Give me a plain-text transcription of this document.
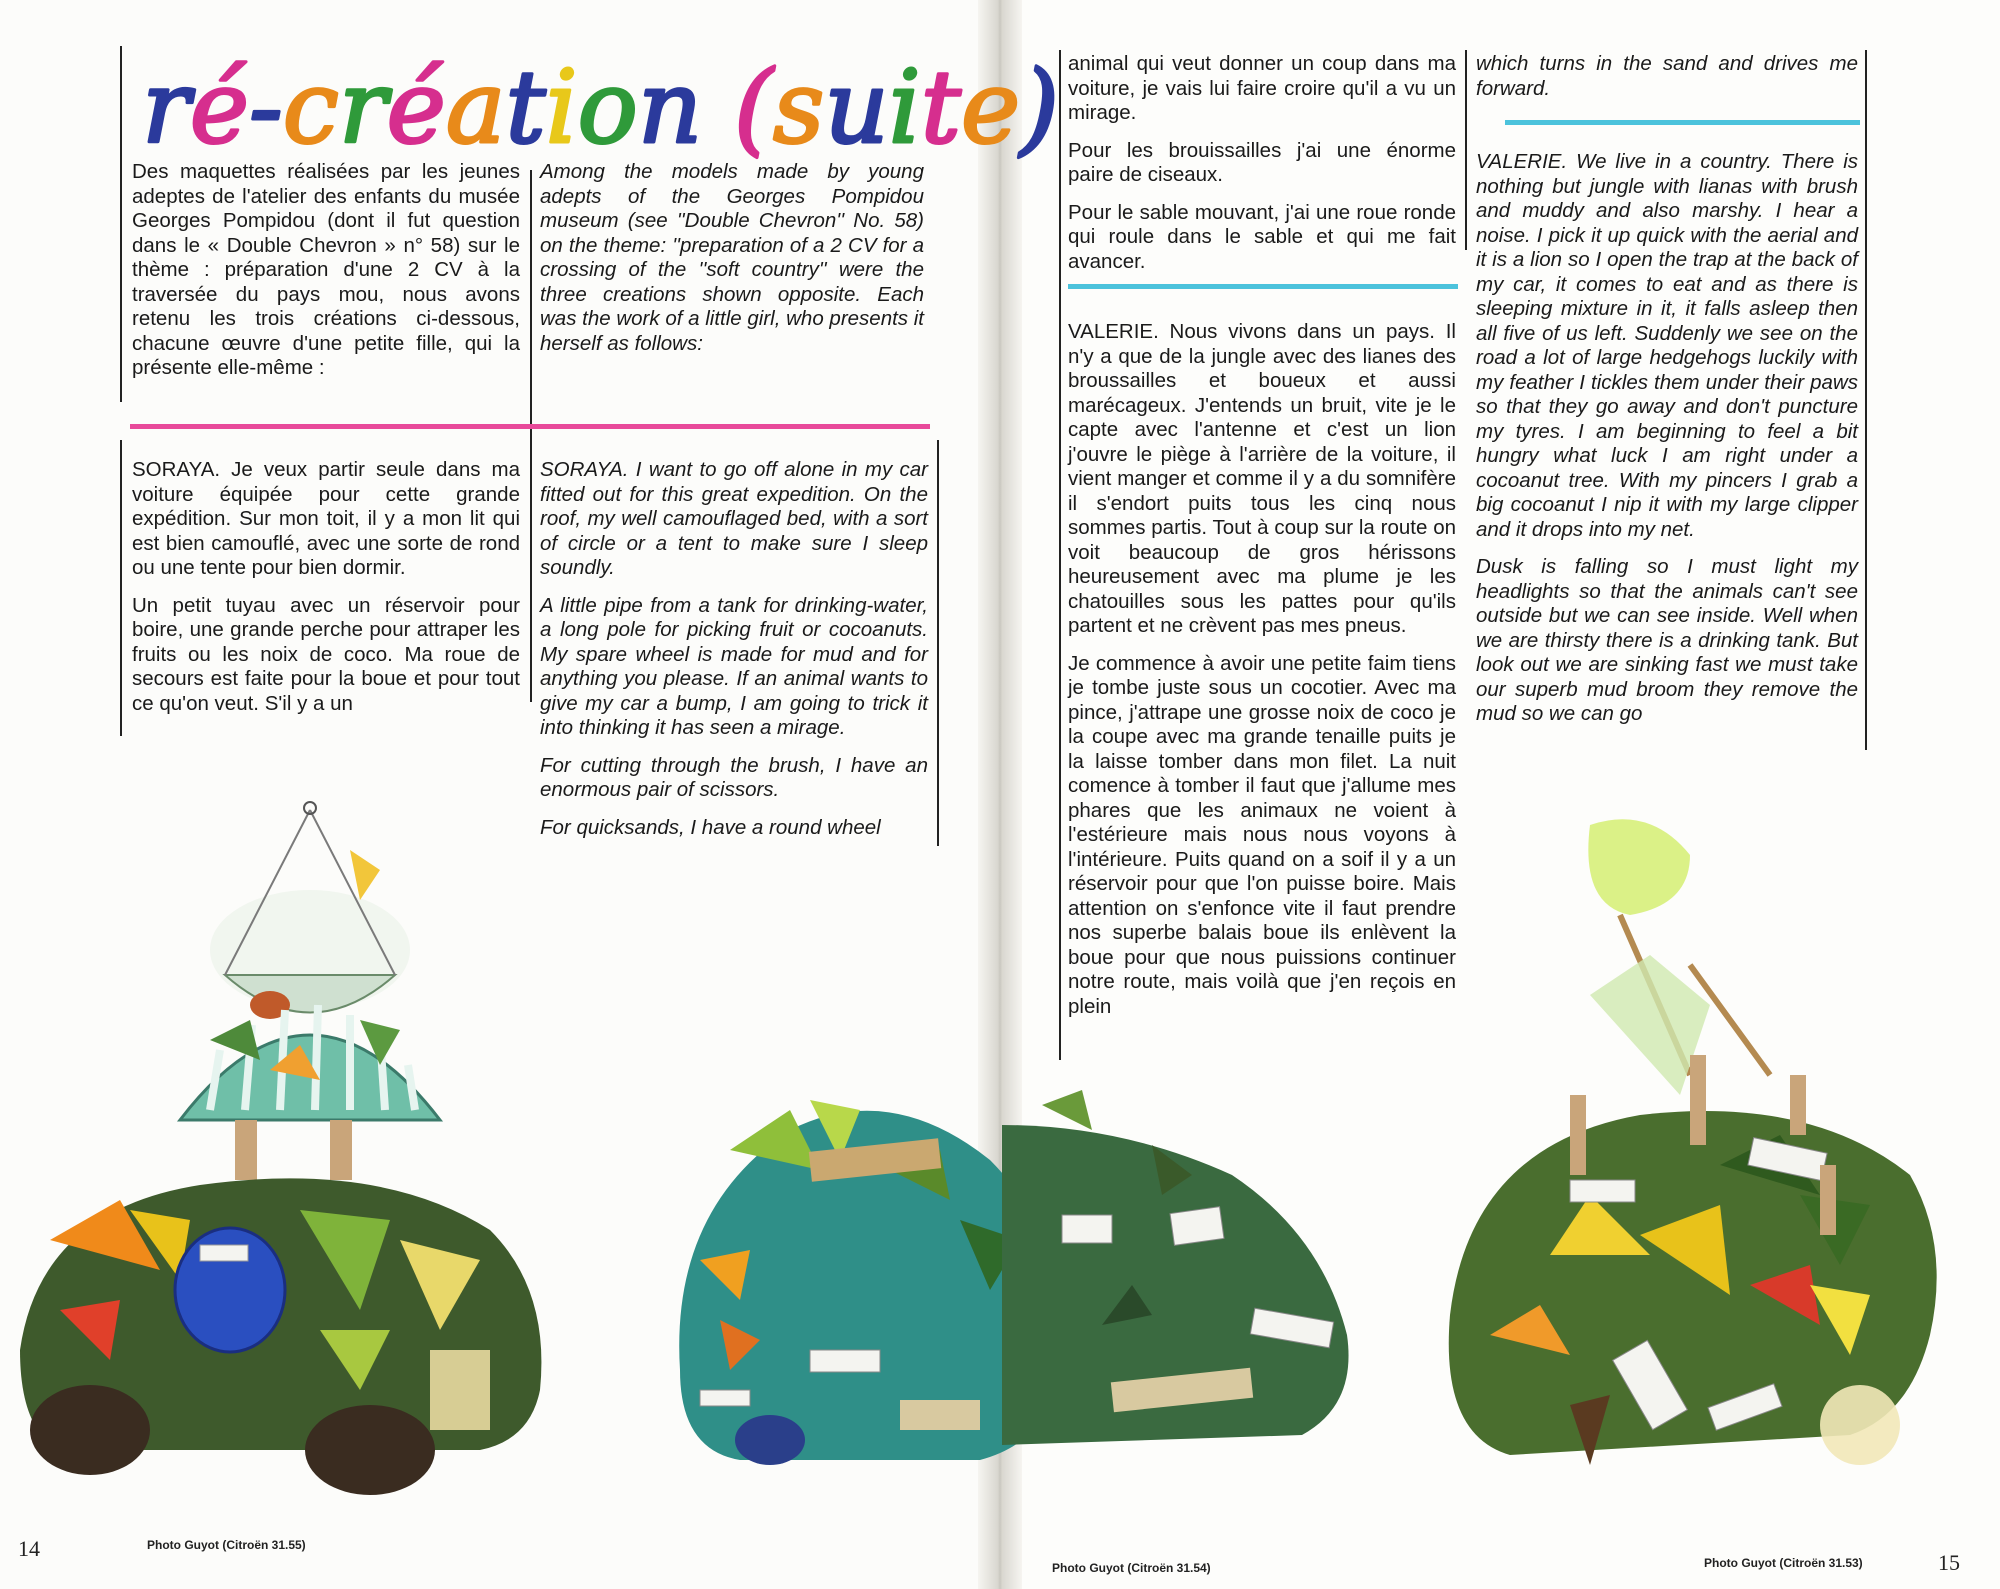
ré-création (suite)

Des maquettes réalisées par les jeunes adeptes de l'atelier des enfants du musée Georges Pompidou (dont il fut question dans le « Double Chevron » n° 58) sur le thème : préparation d'une 2 CV à la traversée du pays mou, nous avons retenu les trois créations ci-dessous, chacune œuvre d'une petite fille, qui la présente elle-même :

Among the models made by young adepts of the Georges Pompidou museum (see ''Double Chevron'' No. 58) on the theme: ''preparation of a 2 CV for a crossing of the ''soft country'' were the three creations shown opposite. Each was the work of a little girl, who presents it herself as follows:

SORAYA. Je veux partir seule dans ma voiture équipée pour cette grande expédition. Sur mon toit, il y a mon lit qui est bien camouflé, avec une sorte de rond ou une tente pour bien dormir.

Un petit tuyau avec un réservoir pour boire, une grande perche pour attraper les fruits ou les noix de coco. Ma roue de secours est faite pour la boue et pour tout ce qu'on veut. S'il y a un

SORAYA. I want to go off alone in my car fitted out for this great expedition. On the roof, my well camouflaged bed, with a sort of circle or a tent to make sure I sleep soundly.

A little pipe from a tank for drinking-water, a long pole for picking fruit or cocoanuts. My spare wheel is made for mud and for anything you please. If an animal wants to give my car a bump, I am going to trick it into thinking it has seen a mirage.

For cutting through the brush, I have an enormous pair of scissors.

For quicksands, I have a round wheel

animal qui veut donner un coup dans ma voiture, je vais lui faire croire qu'il a vu un mirage.

Pour les brouissailles j'ai une énorme paire de ciseaux.

Pour le sable mouvant, j'ai une roue ronde qui roule dans le sable et qui me fait avancer.

VALERIE. Nous vivons dans un pays. Il n'y a que de la jungle avec des lianes des broussailles et boueux et aussi marécageux. J'entends un bruit, vite je le capte avec l'antenne et c'est un lion j'ouvre le piège à l'arrière de la voiture, il vient manger et comme il y a du somnifère il s'endort puits tous les cinq nous sommes partis. Tout à coup sur la route on voit beaucoup de gros hérissons heureusement avec ma plume je les chatouilles sous les pattes pour qu'ils partent et ne crèvent pas mes pneus.

Je commence à avoir une petite faim tiens je tombe juste sous un cocotier. Avec ma pince, j'attrape une grosse noix de coco je la coupe avec ma grande tenaille puits je la laisse tomber dans mon filet. La nuit comence à tomber il faut que j'allume mes phares que les animaux ne voient à l'estérieure mais nous nous voyons à l'intérieure. Puits quand on a soif il y a un réservoir pour que l'on puisse boire. Mais attention on s'enfonce vite il faut prendre nos superbe balais boue ils enlèvent la boue pour que nous puissions continuer notre route, mais voilà que j'en reçois en plein

which turns in the sand and drives me forward.

VALERIE. We live in a country. There is nothing but jungle with lianas with brush and muddy and also marshy. I hear a noise. I pick it up quick with the aerial and it is a lion so I open the trap at the back of my car, it comes to eat and as there is sleeping mixture in it, it falls asleep then all five of us left. Suddenly we see on the road a lot of large hedgehogs luckily with my feather I tickles them under their paws so that they go away and don't puncture my tyres. I am beginning to feel a bit hungry what luck I am right under a cocoanut tree. With my pincers I grab a big cocoanut I nip it with my large clipper and it drops into my net.

Dusk is falling so I must light my headlights so that the animals can't see outside but we can see inside. Well when we are thirsty there is a drinking tank. But look out we are sinking fast we must take our superb mud broom they remove the mud so we can go

Photo Guyot (Citroën 31.55)
Photo Guyot (Citroën 31.54)	Photo Guyot (Citroën 31.53)
14
15
